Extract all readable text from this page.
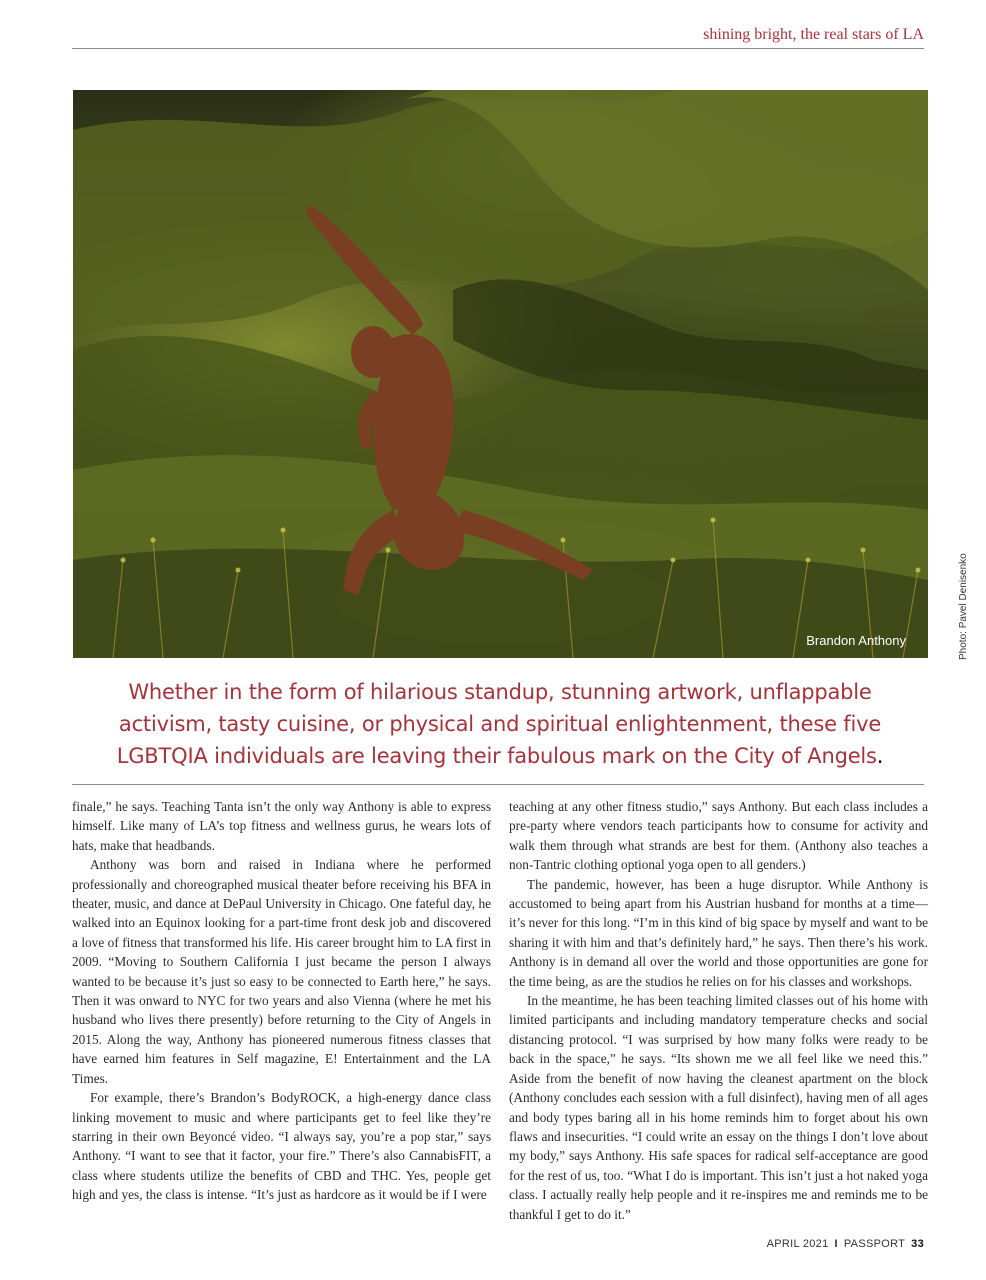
shining bright, the real stars of LA
Brandon Anthony	Photo: Pavel Denisenko
Whether in the form of hilarious standup, stunning artwork, unflappable activism, tasty cuisine, or physical and spiritual enlightenment, these five LGBTQIA individuals are leaving their fabulous mark on the City of Angels.

finale,” he says. Teaching Tanta isn’t the only way Anthony is able to express himself. Like many of LA’s top fitness and wellness gurus, he wears lots of hats, make that headbands.

Anthony was born and raised in Indiana where he performed professionally and choreographed musical theater before receiving his BFA in theater, music, and dance at DePaul University in Chicago. One fateful day, he walked into an Equinox looking for a part-time front desk job and discovered a love of fitness that transformed his life. His career brought him to LA first in 2009. “Moving to Southern California I just became the person I always wanted to be because it’s just so easy to be connected to Earth here,” he says. Then it was onward to NYC for two years and also Vienna (where he met his husband who lives there presently) before returning to the City of Angels in 2015. Along the way, Anthony has pioneered numerous fitness classes that have earned him features in Self magazine, E! Entertainment and the LA Times.

For example, there’s Brandon’s BodyROCK, a high-energy dance class linking movement to music and where participants get to feel like they’re starring in their own Beyoncé video. “I always say, you’re a pop star,” says Anthony. “I want to see that it factor, your fire.” There’s also CannabisFIT, a class where students utilize the benefits of CBD and THC. Yes, people get high and yes, the class is intense. “It’s just as hardcore as it would be if I were

teaching at any other fitness studio,” says Anthony. But each class includes a pre-party where vendors teach participants how to consume for activity and walk them through what strands are best for them. (Anthony also teaches a non-Tantric clothing optional yoga open to all genders.)

The pandemic, however, has been a huge disruptor. While Anthony is accustomed to being apart from his Austrian husband for months at a time—it’s never for this long. “I’m in this kind of big space by myself and want to be sharing it with him and that’s definitely hard,” he says. Then there’s his work. Anthony is in demand all over the world and those opportunities are gone for the time being, as are the studios he relies on for his classes and workshops.

In the meantime, he has been teaching limited classes out of his home with limited participants and including mandatory temperature checks and social distancing protocol. “I was surprised by how many folks were ready to be back in the space,” he says. “Its shown me we all feel like we need this.” Aside from the benefit of now having the cleanest apartment on the block (Anthony concludes each session with a full disinfect), having men of all ages and body types baring all in his home reminds him to forget about his own flaws and insecurities. “I could write an essay on the things I don’t love about my body,” says Anthony. His safe spaces for radical self-acceptance are good for the rest of us, too. “What I do is important. This isn’t just a hot naked yoga class. I actually really help people and it re-inspires me and reminds me to be thankful I get to do it.”

APRIL 2021 I PASSPORT 33
